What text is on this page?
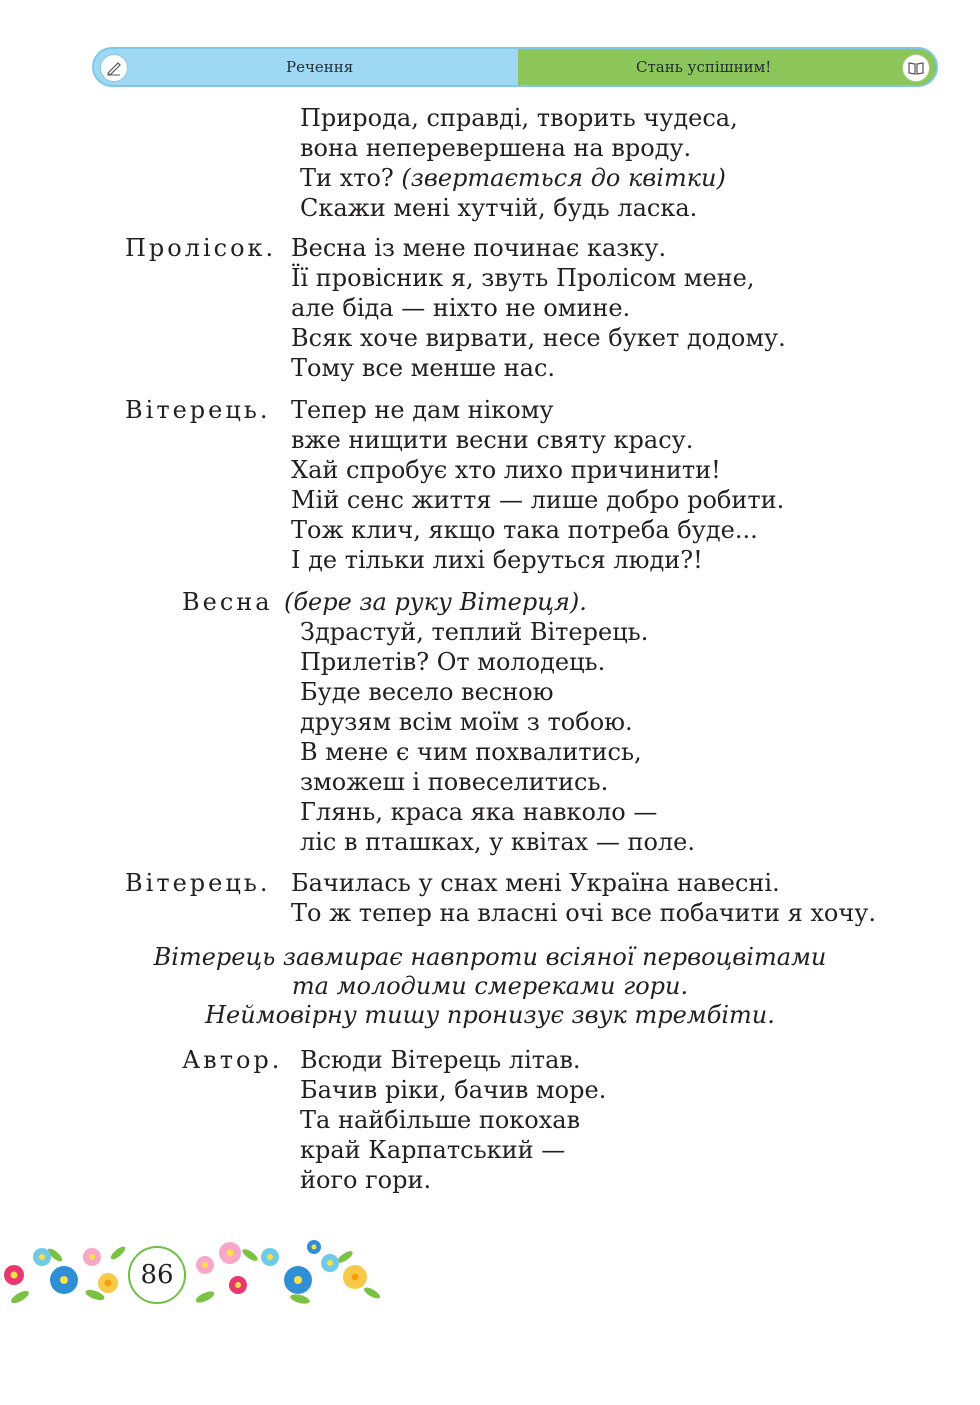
Речення	Стань успішним!
Природа, справді, творить чудеса,
вона неперевершена на вроду.
Ти хто? (звертається до квітки)
Скажи мені хутчій, будь ласка.
Пролісок. Весна із мене починає казку.
Її провісник я, звуть Пролісом мене,
але біда — ніхто не омине.
Всяк хоче вирвати, несе букет додому.
Тому все менше нас.
Вітерець. Тепер не дам нікому
вже нищити весни святу красу.
Хай спробує хто лихо причинити!
Мій сенс життя — лише добро робити.
Тож клич, якщо така потреба буде...
І де тільки лихі беруться люди?!
Весна (бере за руку Вітерця).
Здрастуй, теплий Вітерець.
Прилетів? От молодець.
Буде весело весною
друзям всім моїм з тобою.
В мене є чим похвалитись,
зможеш і повеселитись.
Глянь, краса яка навколо —
ліс в пташках, у квітах — поле.
Вітерець. Бачилась у снах мені Україна навесні.
То ж тепер на власні очі все побачити я хочу.
Вітерець завмирає навпроти всіяної первоцвітами
та молодими смереками гори.
Неймовірну тишу пронизує звук трембіти.
Автор. Всюди Вітерець літав.
Бачив ріки, бачив море.
Та найбільше покохав
край Карпатський —
його гори.
86
